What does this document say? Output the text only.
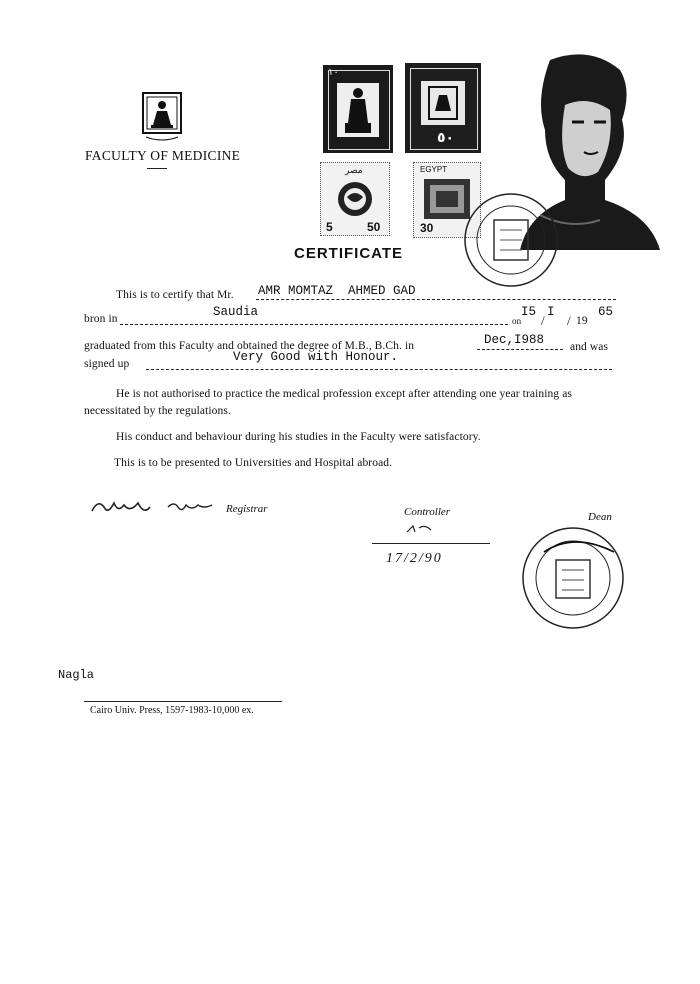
FACULTY OF MEDICINE
١٠
٥٠
مصر
5	50
EGYPT
30
CERTIFICATE
This is to certify that Mr. AMR MOMTAZ  AHMED GAD
bron in	Saudia
on
I5
/
I
/ 19
65
graduated from this Faculty and obtained the degree of M.B., B.Ch. in	Dec,I988 and was
signed up	Very Good with Honour.
He is not authorised to practice the medical profession except after attending one year training as necessitated by the regulations.
His conduct and behaviour during his studies in the Faculty were satisfactory.
This is to be presented to Universities and Hospital abroad.
Registrar	Controller
17/2/90
Dean
Nagla
Cairo Univ. Press, 1597-1983-10,000 ex.
